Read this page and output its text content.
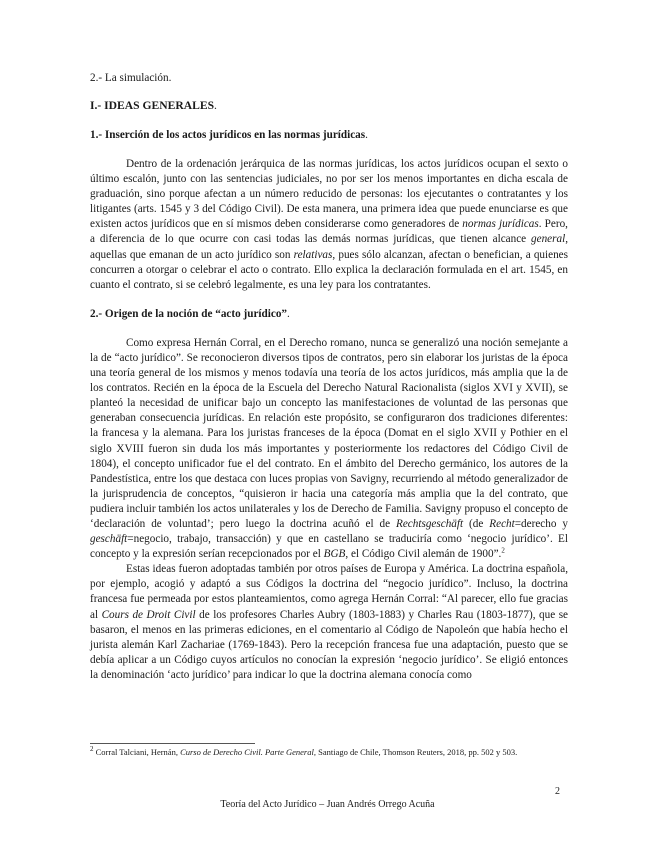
2.- La simulación.

I.- IDEAS GENERALES.

1.- Inserción de los actos jurídicos en las normas jurídicas.

Dentro de la ordenación jerárquica de las normas jurídicas, los actos jurídicos ocupan el sexto o último escalón, junto con las sentencias judiciales, no por ser los menos importantes en dicha escala de graduación, sino porque afectan a un número reducido de personas: los ejecutantes o contratantes y los litigantes (arts. 1545 y 3 del Código Civil). De esta manera, una primera idea que puede enunciarse es que existen actos jurídicos que en sí mismos deben considerarse como generadores de normas jurídicas. Pero, a diferencia de lo que ocurre con casi todas las demás normas jurídicas, que tienen alcance general, aquellas que emanan de un acto jurídico son relativas, pues sólo alcanzan, afectan o benefician, a quienes concurren a otorgar o celebrar el acto o contrato. Ello explica la declaración formulada en el art. 1545, en cuanto el contrato, si se celebró legalmente, es una ley para los contratantes.

2.- Origen de la noción de “acto jurídico”.

Como expresa Hernán Corral, en el Derecho romano, nunca se generalizó una noción semejante a la de “acto jurídico”. Se reconocieron diversos tipos de contratos, pero sin elaborar los juristas de la época una teoría general de los mismos y menos todavía una teoría de los actos jurídicos, más amplia que la de los contratos. Recién en la época de la Escuela del Derecho Natural Racionalista (siglos XVI y XVII), se planteó la necesidad de unificar bajo un concepto las manifestaciones de voluntad de las personas que generaban consecuencia jurídicas. En relación este propósito, se configuraron dos tradiciones diferentes: la francesa y la alemana. Para los juristas franceses de la época (Domat en el siglo XVII y Pothier en el siglo XVIII fueron sin duda los más importantes y posteriormente los redactores del Código Civil de 1804), el concepto unificador fue el del contrato. En el ámbito del Derecho germánico, los autores de la Pandestística, entre los que destaca con luces propias von Savigny, recurriendo al método generalizador de la jurisprudencia de conceptos, “quisieron ir hacia una categoría más amplia que la del contrato, que pudiera incluir también los actos unilaterales y los de Derecho de Familia. Savigny propuso el concepto de ‘declaración de voluntad’; pero luego la doctrina acuñó el de Rechtsgeschäft (de Recht=derecho y geschäft=negocio, trabajo, transacción) y que en castellano se traduciría como ‘negocio jurídico’. El concepto y la expresión serían recepcionados por el BGB, el Código Civil alemán de 1900”.$^2$

Estas ideas fueron adoptadas también por otros países de Europa y América. La doctrina española, por ejemplo, acogió y adaptó a sus Códigos la doctrina del “negocio jurídico”. Incluso, la doctrina francesa fue permeada por estos planteamientos, como agrega Hernán Corral: “Al parecer, ello fue gracias al Cours de Droit Civil de los profesores Charles Aubry (1803-1883) y Charles Rau (1803-1877), que se basaron, el menos en las primeras ediciones, en el comentario al Código de Napoleón que había hecho el jurista alemán Karl Zachariae (1769-1843). Pero la recepción francesa fue una adaptación, puesto que se debía aplicar a un Código cuyos artículos no conocían la expresión ‘negocio jurídico’. Se eligió entonces la denominación ‘acto jurídico’ para indicar lo que la doctrina alemana conocía como

$^2$ Corral Talciani, Hernán, Curso de Derecho Civil. Parte General, Santiago de Chile, Thomson Reuters, 2018, pp. 502 y 503.

2
Teoría del Acto Jurídico – Juan Andrés Orrego Acuña
